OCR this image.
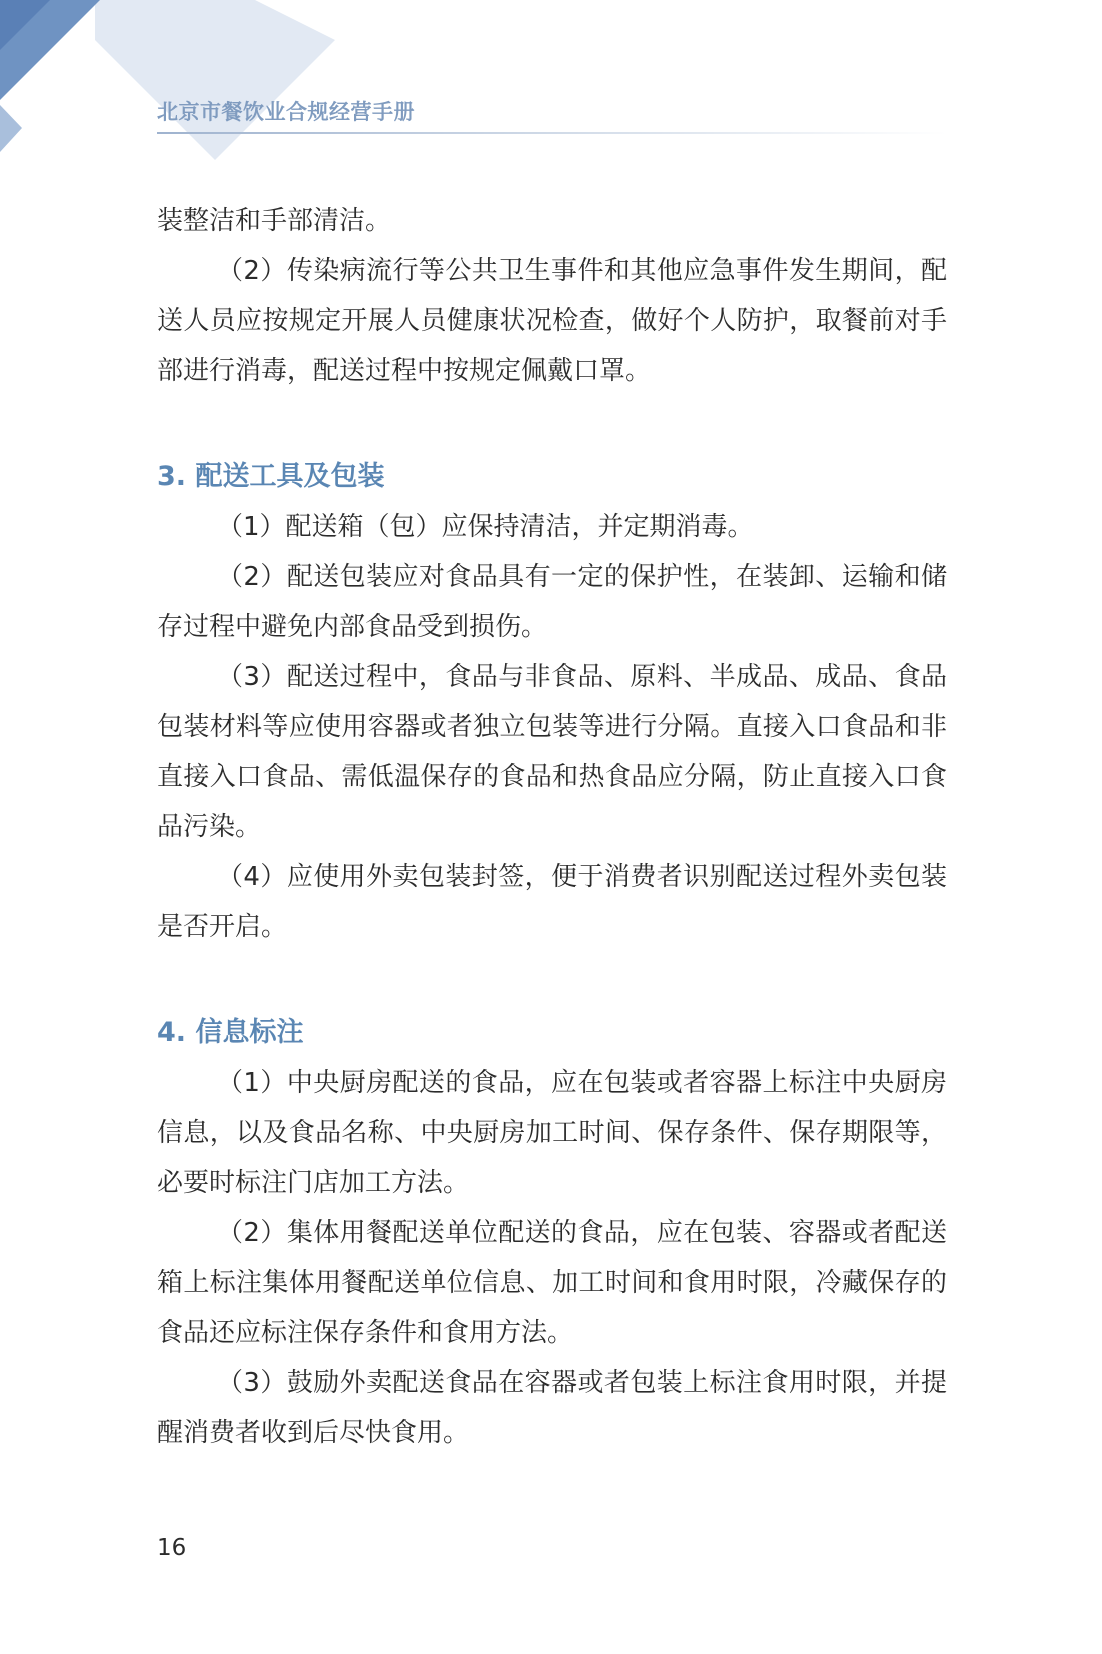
北京市餐饮业合规经营手册

装整洁和手部清洁。

（2）传染病流行等公共卫生事件和其他应急事件发生期间，配送人员应按规定开展人员健康状况检查，做好个人防护，取餐前对手部进行消毒，配送过程中按规定佩戴口罩。

3. 配送工具及包装

（1）配送箱（包）应保持清洁，并定期消毒。

（2）配送包装应对食品具有一定的保护性，在装卸、运输和储存过程中避免内部食品受到损伤。

（3）配送过程中，食品与非食品、原料、半成品、成品、食品包装材料等应使用容器或者独立包装等进行分隔。直接入口食品和非直接入口食品、需低温保存的食品和热食品应分隔，防止直接入口食品污染。

（4）应使用外卖包装封签，便于消费者识别配送过程外卖包装是否开启。

4. 信息标注

（1）中央厨房配送的食品，应在包装或者容器上标注中央厨房信息，以及食品名称、中央厨房加工时间、保存条件、保存期限等，必要时标注门店加工方法。

（2）集体用餐配送单位配送的食品，应在包装、容器或者配送箱上标注集体用餐配送单位信息、加工时间和食用时限，冷藏保存的食品还应标注保存条件和食用方法。

（3）鼓励外卖配送食品在容器或者包装上标注食用时限，并提醒消费者收到后尽快食用。

16
